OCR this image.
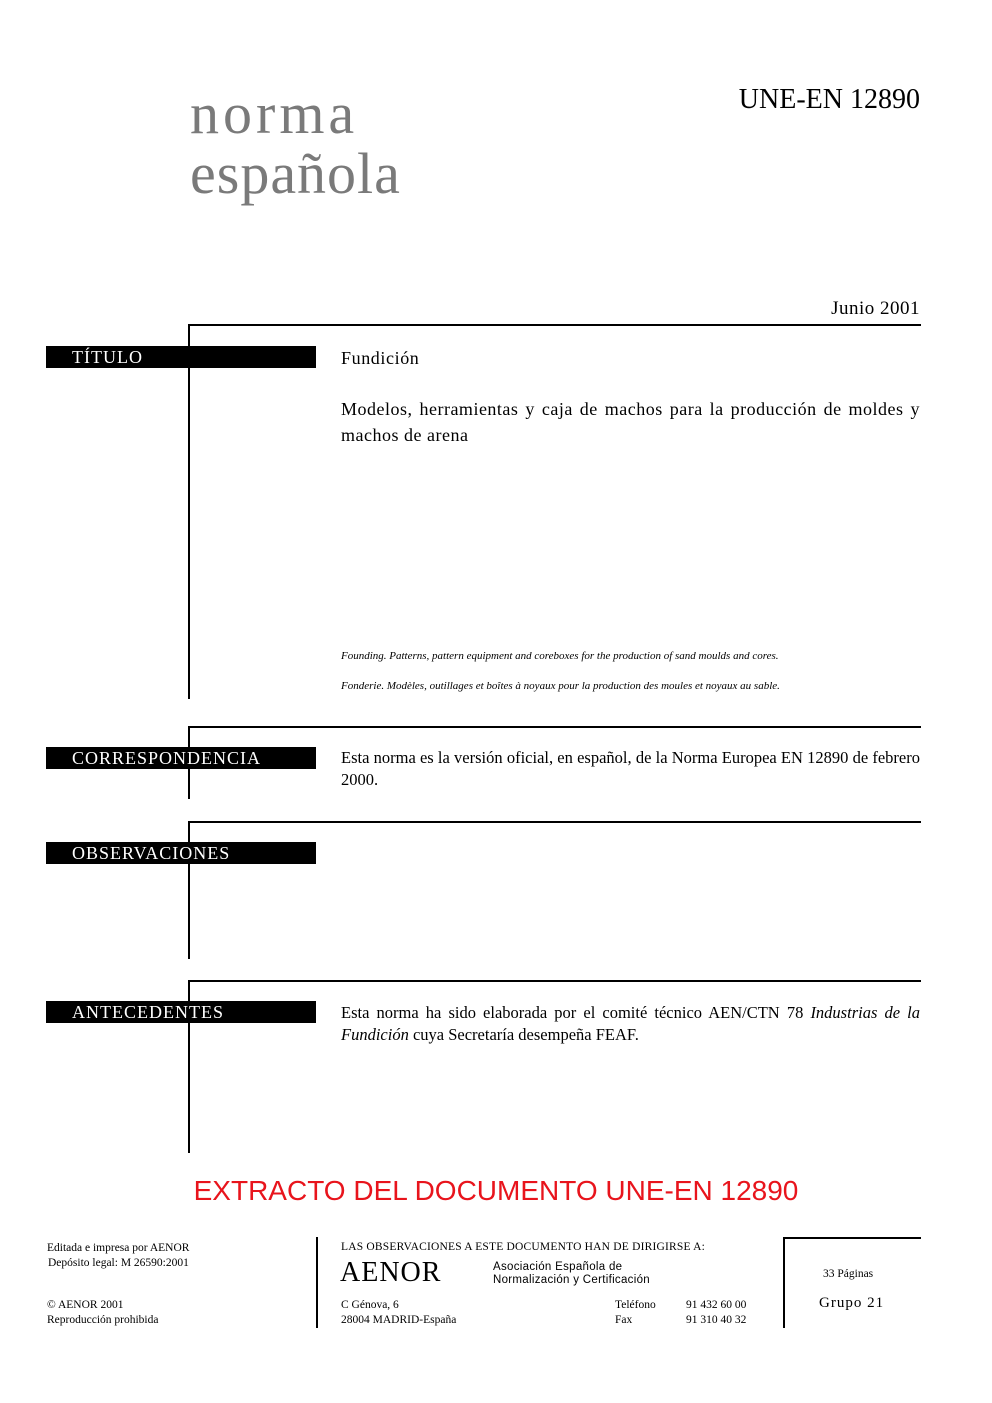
norma
española
UNE-EN 12890
Junio 2001
TÍTULO	Fundición
Modelos, herramientas y caja de machos para la producción de moldes y machos de arena
Founding. Patterns, pattern equipment and coreboxes for the production of sand moulds and cores.
Fonderie. Modèles, outillages et boîtes à noyaux pour la production des moules et noyaux au sable.
CORRESPONDENCIA	Esta norma es la versión oficial, en español, de la Norma Europea EN 12890 de febrero 2000.
OBSERVACIONES
ANTECEDENTES	Esta norma ha sido elaborada por el comité técnico AEN/CTN 78 Industrias de la Fundición cuya Secretaría desempeña FEAF.
EXTRACTO DEL DOCUMENTO UNE-EN 12890
Editada e impresa por AENOR
Depósito legal: M 26590:2001
© AENOR 2001
Reproducción prohibida
LAS OBSERVACIONES A ESTE DOCUMENTO HAN DE DIRIGIRSE A:
AENOR	Asociación Española de
Normalización y Certificación
C Génova, 6
28004 MADRID-España
Teléfono	91 432 60 00
Fax	91 310 40 32
33 Páginas
Grupo 21
